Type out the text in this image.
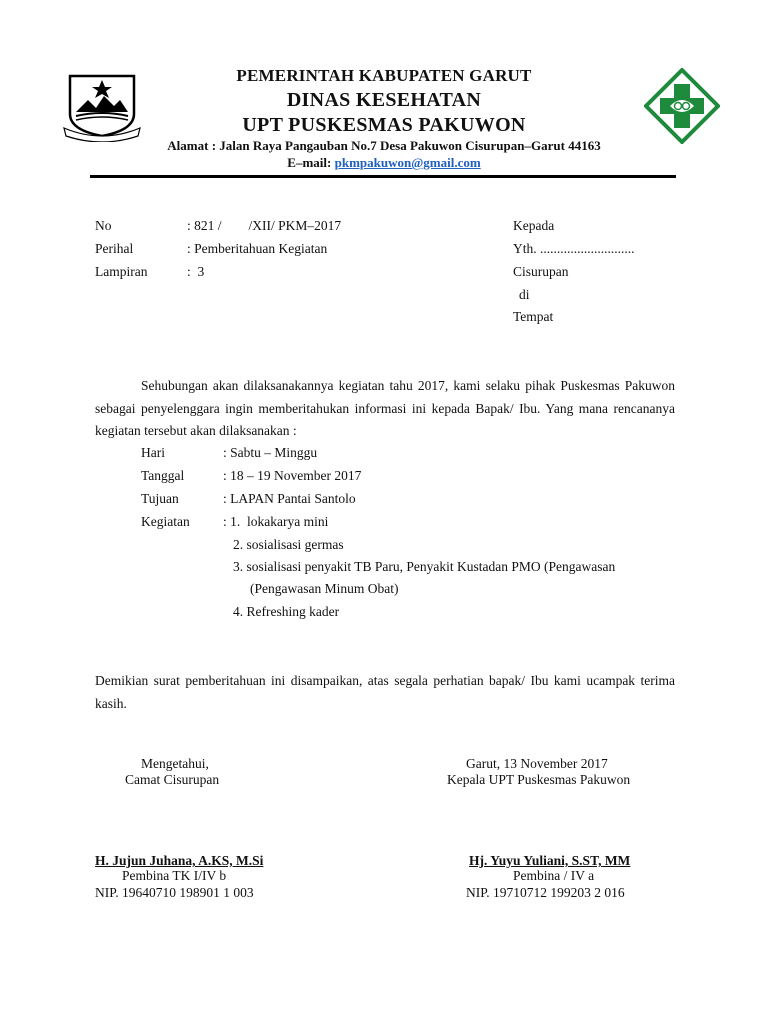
PEMERINTAH KABUPATEN GARUT
DINAS KESEHATAN
UPT PUSKESMAS PAKUWON
Alamat : Jalan Raya Pangauban No.7 Desa Pakuwon Cisurupan–Garut 44163
E–mail: pkmpakuwon@gmail.com
No	: 821 /        /XII/ PKM–2017
Perihal	: Pemberitahuan Kegiatan
Lampiran	:  3
Kepada
Yth. ............................
Cisurupan
di
Tempat
Sehubungan akan dilaksanakannya kegiatan tahu 2017, kami selaku pihak Puskesmas Pakuwon sebagai penyelenggara ingin memberitahukan informasi ini kepada Bapak/ Ibu. Yang mana rencananya kegiatan tersebut akan dilaksanakan :
Hari	: Sabtu – Minggu
Tanggal	: 18 – 19 November 2017
Tujuan	: LAPAN Pantai Santolo
Kegiatan : 1.  lokakarya mini
2. sosialisasi germas
3. sosialisasi penyakit TB Paru, Penyakit Kustadan PMO (Pengawasan
(Pengawasan Minum Obat)
4. Refreshing kader
Demikian surat pemberitahuan ini disampaikan, atas segala perhatian bapak/ Ibu kami ucampak terima kasih.
Mengetahui,
Camat Cisurupan
H. Jujun Juhana, A.KS, M.Si
Pembina TK I/IV b
NIP. 19640710 198901 1 003
Garut, 13 November 2017
Kepala UPT Puskesmas Pakuwon
Hj. Yuyu Yuliani, S.ST, MM
Pembina / IV a
NIP. 19710712 199203 2 016
